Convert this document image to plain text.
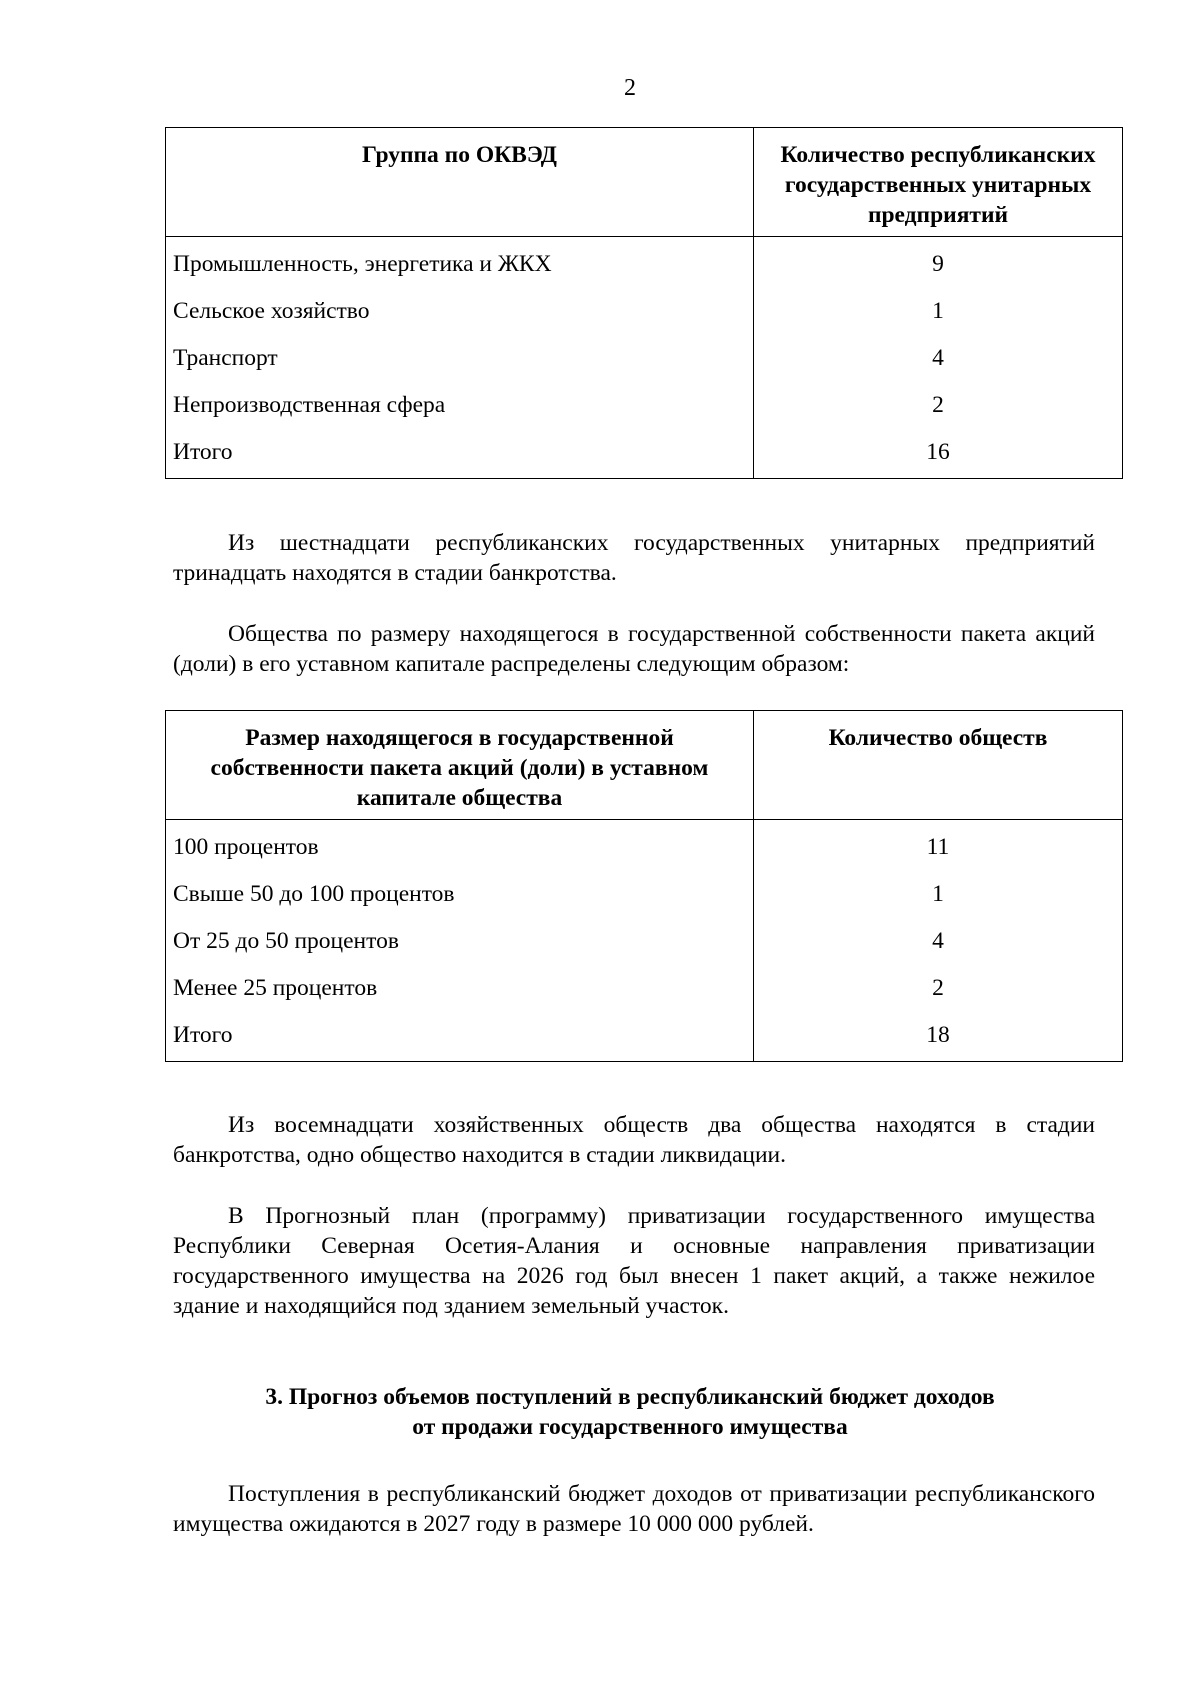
2
Группа по ОКВЭД	Количество республиканских государственных унитарных предприятий
Промышленность, энергетика и ЖКХ	9
Сельское хозяйство	1
Транспорт	4
Непроизводственная сфера	2
Итого	16

Из шестнадцати республиканских государственных унитарных предприятий тринадцать находятся в стадии банкротства.

Общества по размеру находящегося в государственной собственности пакета акций (доли) в его уставном капитале распределены следующим образом:

Размер находящегося в государственной собственности пакета акций (доли) в уставном капитале общества	Количество обществ
100 процентов	11
Свыше 50 до 100 процентов	1
От 25 до 50 процентов	4
Менее 25 процентов	2
Итого	18

Из восемнадцати хозяйственных обществ два общества находятся в стадии банкротства, одно общество находится в стадии ликвидации.

В Прогнозный план (программу) приватизации государственного имущества Республики Северная Осетия-Алания и основные направления приватизации государственного имущества на 2026 год был внесен 1 пакет акций, а также нежилое здание и находящийся под зданием земельный участок.

3. Прогноз объемов поступлений в республиканский бюджет доходов
от продажи государственного имущества

Поступления в республиканский бюджет доходов от приватизации республиканского имущества ожидаются в 2027 году в размере 10 000 000 рублей.
